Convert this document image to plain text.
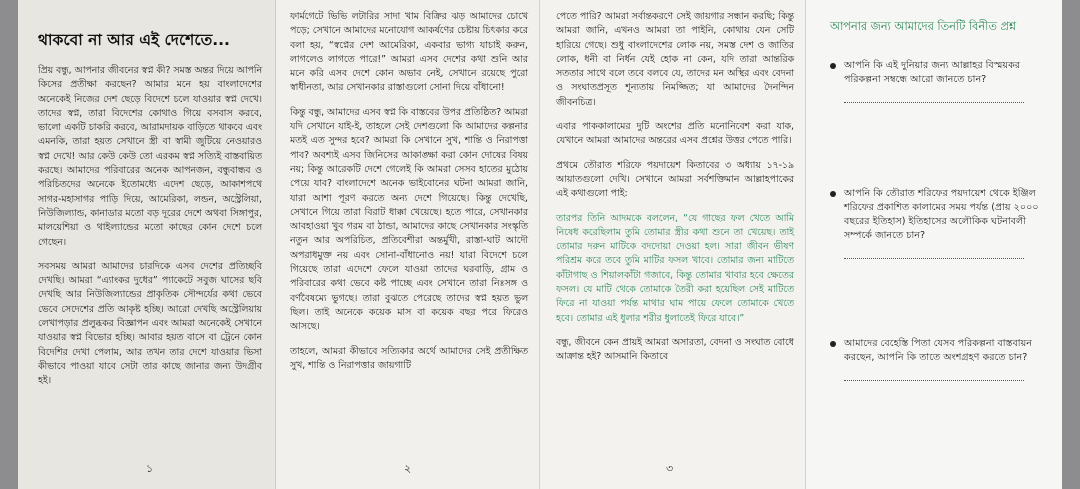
থাকবো না আর এই দেশেতে...

প্রিয় বন্ধু, আপনার জীবনের স্বপ্ন কী? সমস্ত অন্তর দিয়ে আপনি কিসের প্রতীক্ষা করছেন? আমার মনে হয় বাংলাদেশের অনেকেই নিজের দেশ ছেড়ে বিদেশে চলে যাওয়ার স্বপ্ন দেখে। তাদের স্বপ্ন, তারা বিদেশের কোথাও গিয়ে বসবাস করবে, ভালো একটি চাকরি করবে, আরামদায়ক বাড়িতে থাকবে এবং এমনকি, তারা হয়ত সেখানে স্ত্রী বা স্বামী জুটিয়ে নেওয়ারও স্বপ্ন দেখে! আর কেউ কেউ তো এরকম স্বপ্ন সত্যিই বাস্তবায়িত করছে। আমাদের পরিবারের অনেক আপনজন, বন্ধুবান্ধব ও পরিচিতদের অনেকে ইতোমধ্যে এদেশ ছেড়ে, আকাশপথে সাগর-মহাসাগর পাড়ি দিয়ে, আমেরিকা, লন্ডন, অস্ট্রেলিয়া, নিউজিল্যান্ড, কানাডার মতো বড় দূরের দেশে অথবা সিঙ্গাপুর, মালয়েশিয়া ও থাইল্যান্ডের মতো কাছের কোন দেশে চলে গেছেন।

সবসময় আমরা আমাদের চারদিকে এসব দেশের প্রতিচ্ছবি দেখছি। আমরা “এ্যাংকর দুধের” প্যাকেটে সবুজ ঘাসের ছবি দেখছি আর নিউজিল্যান্ডের প্রাকৃতিক সৌন্দর্যের কথা ভেবে ভেবে সেদেশের প্রতি আকৃষ্ট হচ্ছি। আরো দেখছি অস্ট্রেলিয়ায় লেখাপড়ার প্রলুব্ধকর বিজ্ঞাপন এবং আমরা অনেকেই সেখানে যাওয়ার স্বপ্ন বিভোর হচ্ছি। আবার হয়ত বাসে বা ট্রেনে কোন বিদেশির দেখা পেলাম, আর তখন তার দেশে যাওয়ার ভিসা কীভাবে পাওয়া যাবে সেটা তার কাছে জানার জন্য উদগ্রীব হই।

১

ফার্মগেটে ভিভি লটারির সাদা খাম বিক্রির ঝড় আমাদের চোখে পড়ে; সেখানে আমাদের মনোযোগ আকর্ষণের চেষ্টায় চিৎকার করে বলা হয়, “স্বপ্নের দেশ আমেরিকা, একবার ভাগ্য যাচাই করুন, লাগলেও লাগতে পারে!” আমরা এসব দেশের কথা শুনি আর মনে করি এসব দেশে কোন অভাব নেই, সেখানে রয়েছে পুরো স্বাধীনতা, আর সেখানকার রাস্তাগুলো সোনা দিয়ে বাঁধানো!

কিন্তু বন্ধু, আমাদের এসব স্বপ্ন কি বাস্তবের উপর প্রতিষ্ঠিত? আমরা যদি সেখানে যাই-ই, তাহলে সেই দেশগুলো কি আমাদের কল্পনার মতই এত সুন্দর হবে? আমরা কি সেখানে সুখ, শান্তি ও নিরাপত্তা পাব? অবশ্যই এসব জিনিসের আকাঙ্ক্ষা করা কোন দোষের বিষয় নয়; কিন্তু আরেকটি দেশে গেলেই কি আমরা সেসব হাতের মুঠোয় পেয়ে যাব? বাংলাদেশে অনেক ভাইবোনের ঘটনা আমরা জানি, যারা আশা পূরণ করতে অন্য দেশে গিয়েছে। কিন্তু দেখেছি, সেখানে গিয়ে তারা বিরাট ধাক্কা খেয়েছে। হতে পারে, সেখানকার আবহাওয়া খুব গরম বা ঠান্ডা, আমাদের কাছে সেখানকার সংস্কৃতি নতুন আর অপরিচিত, প্রতিবেশীরা অন্তর্মুখী, রাস্তা-ঘাট আদৌ অপরাধমুক্ত নয় এবং সোনা-বাঁধানোও নয়! যারা বিদেশে চলে গিয়েছে তারা এদেশে ফেলে যাওয়া তাদের ঘরবাড়ি, গ্রাম ও পরিবারের কথা ভেবে কষ্ট পাচ্ছে এবং সেখানে তারা নিঃসঙ্গ ও বর্ণবৈষম্যে ভুগছে। তারা বুঝতে পেরেছে তাদের স্বপ্ন হয়ত ভুল ছিল। তাই অনেকে কয়েক মাস বা কয়েক বছর পরে ফিরেও আসছে।

তাহলে, আমরা কীভাবে সত্যিকার অর্থে আমাদের সেই প্রতীক্ষিত সুখ, শান্তি ও নিরাপত্তার জায়গাটি

২

পেতে পারি? আমরা সর্বান্তকরণে সেই জায়গার সন্ধান করছি; কিন্তু আমরা জানি, এখনও আমরা তা পাইনি, কোথায় যেন সেটি হারিয়ে গেছে। শুধু বাংলাদেশের লোক নয়, সমস্ত দেশ ও জাতির লোক, ধনী বা নির্ধন যেই হোক না কেন, যদি তারা আন্তরিক সততার সাথে বলে তবে বলবে যে, তাদের মন অস্থির এবং বেদনা ও সংঘাতপ্রসূত শূন্যতায় নিমজ্জিত; যা আমাদের দৈনন্দিন জীবনচিত্র।

এবার পাককালামের দুটি অংশের প্রতি মনোনিবেশ করা যাক, যেখানে আমরা আমাদের অন্তরের এসব প্রশ্নের উত্তর পেতে পারি।

প্রথমে তৌরাত শরিফে পয়দায়েশ কিতাবের ৩ অধ্যায় ১৭-১৯ আয়াতগুলো দেখি। সেখানে আমরা সর্বশক্তিমান আল্লাহপাকের এই কথাগুলো পাই:

তারপর তিনি আদমকে বললেন, “যে গাছের ফল খেতে আমি নিষেধ করেছিলাম তুমি তোমার স্ত্রীর কথা শুনে তা খেয়েছ। তাই তোমার দরুন মাটিকে বদদোয়া দেওয়া হল। সারা জীবন ভীষণ পরিশ্রম করে তবে তুমি মাটির ফসল খাবে। তোমার জন্য মাটিতে কাঁটাগাছ ও শিয়ালকাঁটা গজাবে, কিন্তু তোমার খাবার হবে ক্ষেতের ফসল। যে মাটি থেকে তোমাকে তৈরী করা হয়েছিল সেই মাটিতে ফিরে না যাওয়া পর্যন্ত মাথার ঘাম পায়ে ফেলে তোমাকে খেতে হবে। তোমার এই ধুলার শরীর ধুলাতেই ফিরে যাবে।”

বন্ধু, জীবনে কেন প্রায়ই আমরা অসারতা, বেদনা ও সংঘাত বোধে আক্রান্ত হই? আসমানি কিতাবে

৩
আপনার জন্য আমাদের তিনটি বিনীত প্রশ্ন
আপনি কি এই দুনিয়ার জন্য আল্লাহর বিস্ময়কর পরিকল্পনা সম্বন্ধে আরো জানতে চান?
আপনি কি তৌরাত শরিফের পয়দায়েশ থেকে ইঞ্জিল শরিফের প্রকাশিত কালামের সময় পর্যন্ত (প্রায় ২০০০ বছরের ইতিহাস) ইতিহাসের অলৌকিক ঘটনাবলী সম্পর্কে জানতে চান?
আমাদের বেহেস্তি পিতা যেসব পরিকল্পনা বাস্তবায়ন করছেন, আপনি কি তাতে অংশগ্রহণ করতে চান?
